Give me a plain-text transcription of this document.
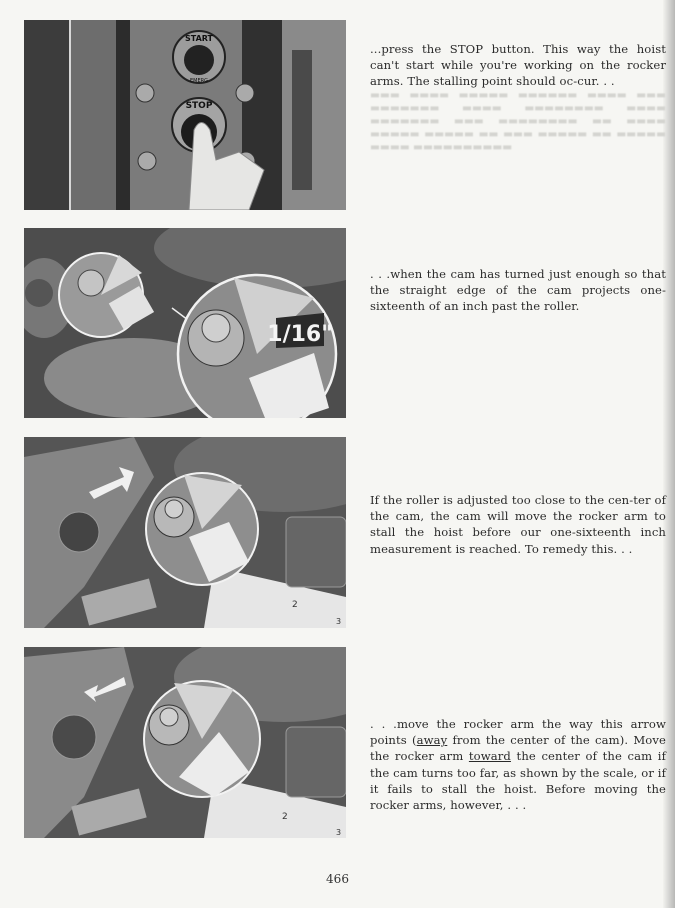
START
EMERG
STOP
1/16"
2
3
2
3

...press the STOP button. This way the hoist can't start while you're working on the rocker arms. The stalling point should oc-cur. . .

▬▬▬ ▬▬▬▬ ▬▬▬▬▬ ▬▬▬▬▬▬ ▬▬▬▬ ▬▬▬ ▬▬▬▬▬▬▬ ▬▬▬▬ ▬▬▬▬▬▬▬▬ ▬▬▬▬ ▬▬▬▬▬▬▬ ▬▬▬ ▬▬▬▬▬▬▬▬ ▬▬ ▬▬▬▬ ▬▬▬▬▬ ▬▬▬▬▬ ▬▬ ▬▬▬ ▬▬▬▬▬ ▬▬ ▬▬▬▬▬ ▬▬▬▬ ▬▬▬▬▬▬▬▬▬▬

. . .when the cam has turned just enough so that the straight edge of the cam projects one-sixteenth of an inch past the roller.

If the roller is adjusted too close to the cen-ter of the cam, the cam will move the rocker arm to stall the hoist before our one-sixteenth inch measurement is reached. To remedy this. . .

. . .move the rocker arm the way this arrow points (away from the center of the cam). Move the rocker arm toward the center of the cam if the cam turns too far, as shown by the scale, or if it fails to stall the hoist. Before moving the rocker arms, however, . . .

466
